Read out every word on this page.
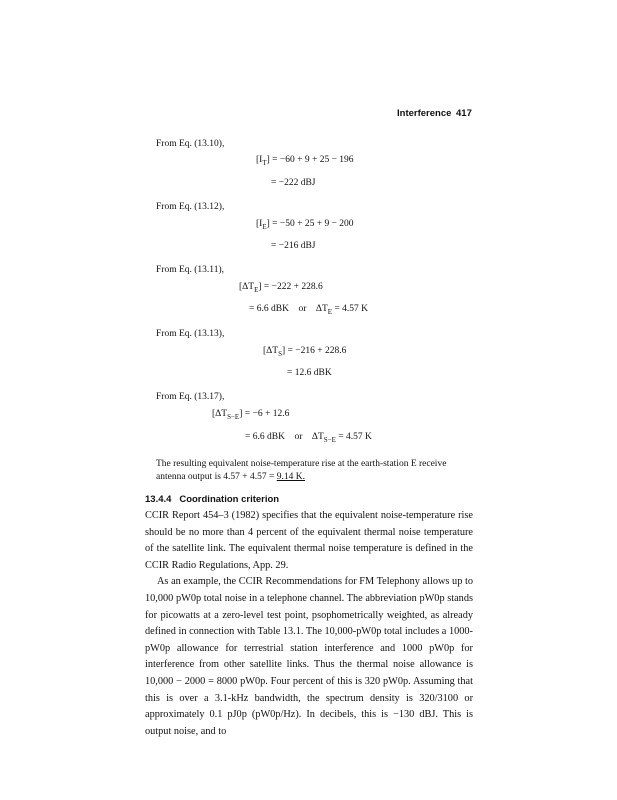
Interference 417
From Eq. (13.10),
$[I_T] = -60 + 9 + 25 - 196$
= −222 dBJ
From Eq. (13.12),
$[I_E] = -50 + 25 + 9 - 200$
= −216 dBJ
From Eq. (13.11),
$[\Delta T_E] = -222 + 228.6$
= 6.6 dBK or $\Delta T_E = 4.57$ K
From Eq. (13.13),
$[\Delta T_S] = -216 + 228.6$
= 12.6 dBK
From Eq. (13.17),
$[\Delta T_{S-E}] = -6 + 12.6$
= 6.6 dBK or $\Delta T_{S-E} = 4.57$ K
The resulting equivalent noise-temperature rise at the earth-station E receive
antenna output is 4.57 + 4.57 = 9.14 K.
13.4.4 Coordination criterion

CCIR Report 454–3 (1982) specifies that the equivalent noise-temperature rise should be no more than 4 percent of the equivalent thermal noise temperature of the satellite link. The equivalent thermal noise temperature is defined in the CCIR Radio Regulations, App. 29.

As an example, the CCIR Recommendations for FM Telephony allows up to 10,000 pW0p total noise in a telephone channel. The abbreviation pW0p stands for picowatts at a zero-level test point, psophometrically weighted, as already defined in connection with Table 13.1. The 10,000-pW0p total includes a 1000-pW0p allowance for terrestrial station interference and 1000 pW0p for interference from other satellite links. Thus the thermal noise allowance is 10,000 − 2000 = 8000 pW0p. Four percent of this is 320 pW0p. Assuming that this is over a 3.1-kHz bandwidth, the spectrum density is 320/3100 or approximately 0.1 pJ0p (pW0p/Hz). In decibels, this is −130 dBJ. This is output noise, and to
